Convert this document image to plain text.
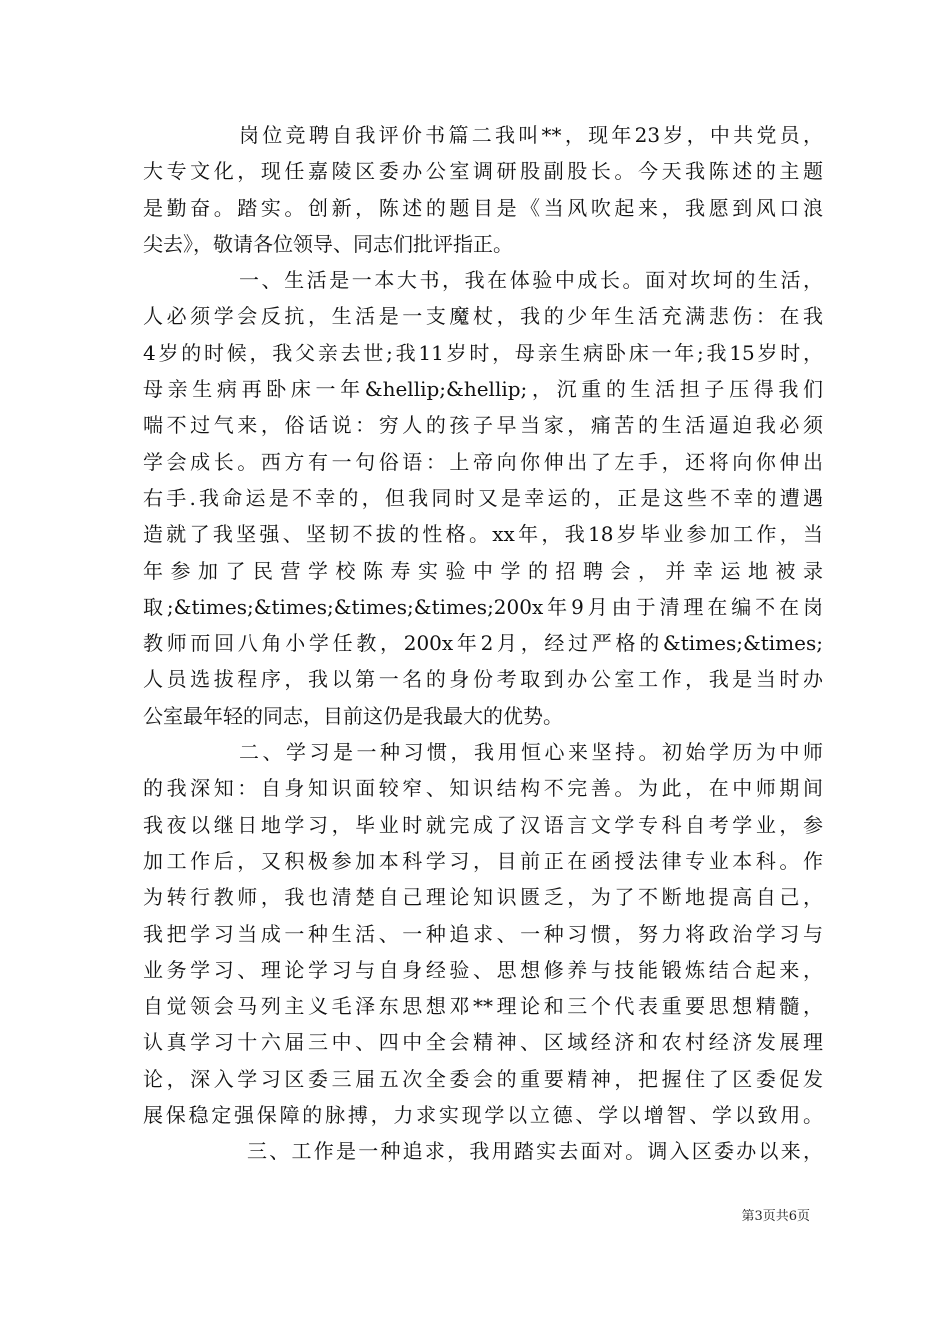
岗位竞聘自我评价书篇二我叫**，现年23岁，中共党员，
大专文化，现任嘉陵区委办公室调研股副股长。今天我陈述的主题
是勤奋。踏实。创新，陈述的题目是《当风吹起来，我愿到风口浪
尖去》，敬请各位领导、同志们批评指正。
一、生活是一本大书，我在体验中成长。面对坎坷的生活，
人必须学会反抗，生活是一支魔杖，我的少年生活充满悲伤：在我
4岁的时候，我父亲去世;我11岁时，母亲生病卧床一年;我15岁时，
母亲生病再卧床一年&hellip;&hellip;，沉重的生活担子压得我们
喘不过气来，俗话说：穷人的孩子早当家，痛苦的生活逼迫我必须
学会成长。西方有一句俗语：上帝向你伸出了左手，还将向你伸出
右手.我命运是不幸的，但我同时又是幸运的，正是这些不幸的遭遇
造就了我坚强、坚韧不拔的性格。xx年，我18岁毕业参加工作，当
年参加了民营学校陈寿实验中学的招聘会，并幸运地被录
取;&times;&times;&times;&times;200x年9月由于清理在编不在岗
教师而回八角小学任教，200x年2月，经过严格的&times;&times;
人员选拔程序，我以第一名的身份考取到办公室工作，我是当时办
公室最年轻的同志，目前这仍是我最大的优势。
二、学习是一种习惯，我用恒心来坚持。初始学历为中师
的我深知：自身知识面较窄、知识结构不完善。为此，在中师期间
我夜以继日地学习，毕业时就完成了汉语言文学专科自考学业，参
加工作后，又积极参加本科学习，目前正在函授法律专业本科。作
为转行教师，我也清楚自己理论知识匮乏，为了不断地提高自己，
我把学习当成一种生活、一种追求、一种习惯，努力将政治学习与
业务学习、理论学习与自身经验、思想修养与技能锻炼结合起来，
自觉领会马列主义毛泽东思想邓**理论和三个代表重要思想精髓，
认真学习十六届三中、四中全会精神、区域经济和农村经济发展理
论，深入学习区委三届五次全委会的重要精神，把握住了区委促发
展保稳定强保障的脉搏，力求实现学以立德、学以增智、学以致用。
三、工作是一种追求，我用踏实去面对。调入区委办以来，
第3页共6页
